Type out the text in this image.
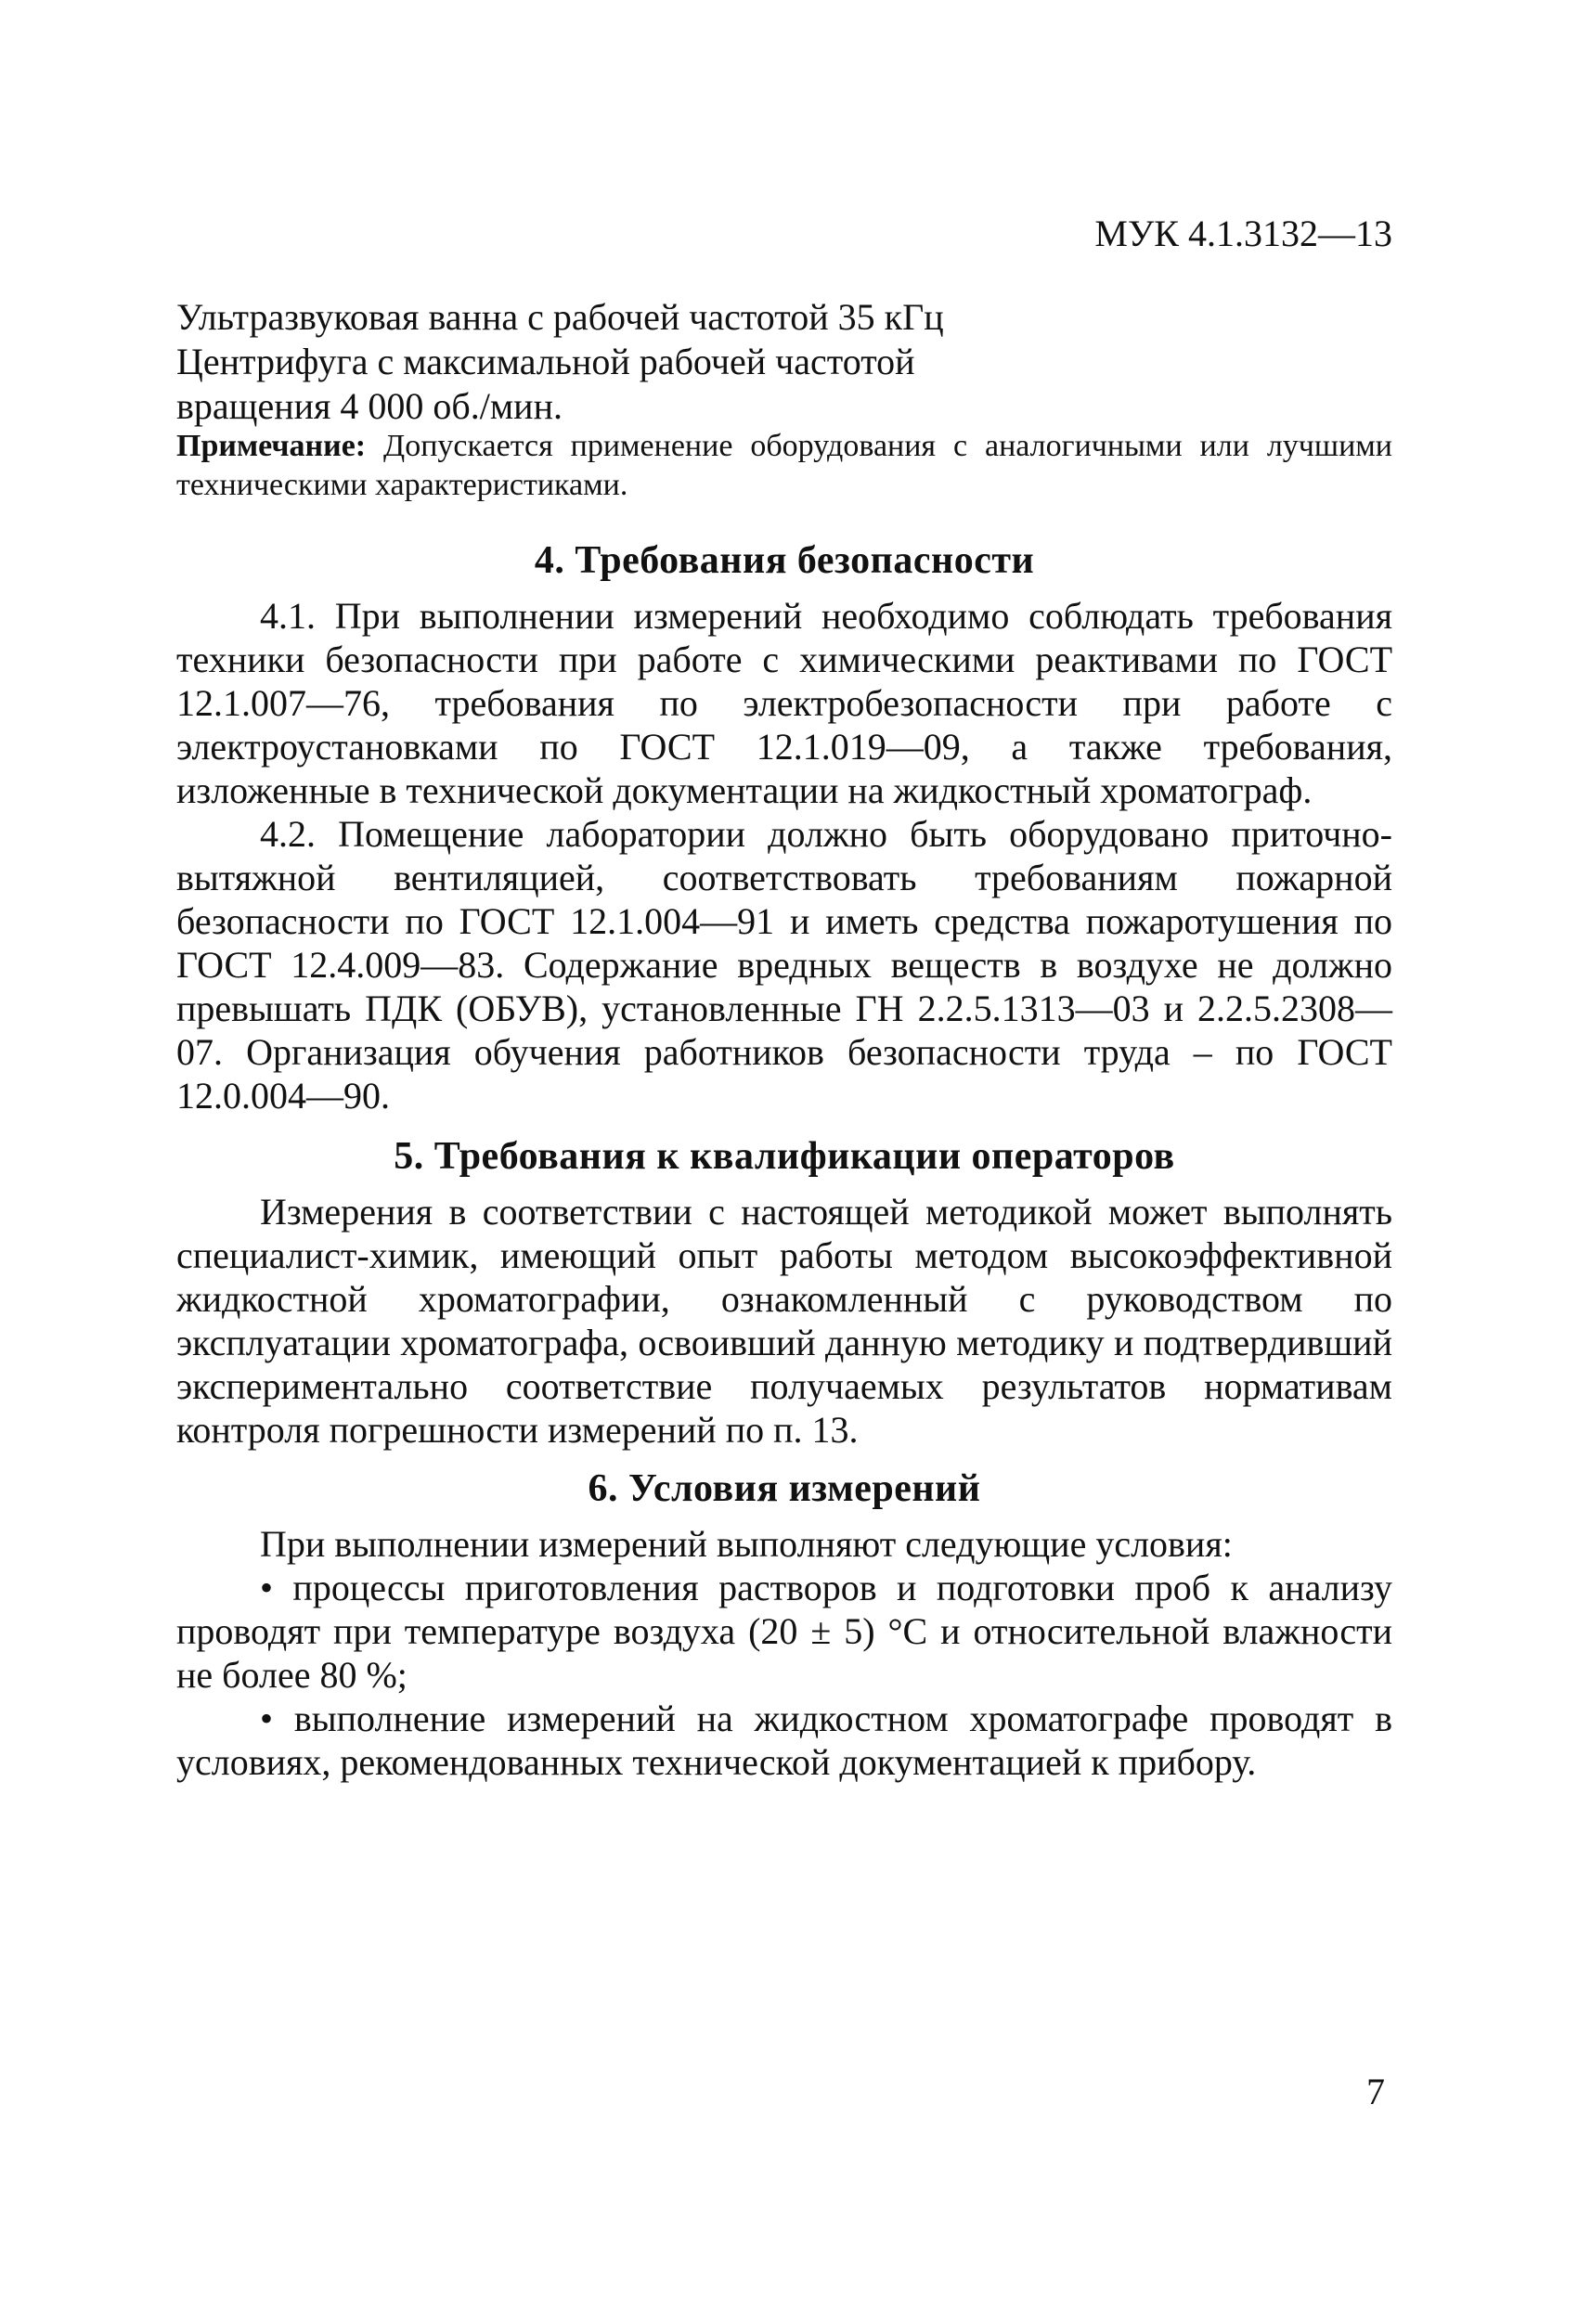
МУК 4.1.3132—13
Ультразвуковая ванна с рабочей частотой 35 кГц
Центрифуга с максимальной рабочей частотой
вращения 4 000 об./мин.
Примечание: Допускается применение оборудования с аналогичными или лучшими техническими характеристиками.
4. Требования безопасности

4.1. При выполнении измерений необходимо соблюдать требования техники безопасности при работе с химическими реактивами по ГОСТ 12.1.007—76, требования по электробезопасности при работе с электроустановками по ГОСТ 12.1.019—09, а также требования, изложенные в технической документации на жидкостный хроматограф.

4.2. Помещение лаборатории должно быть оборудовано приточно-вытяжной вентиляцией, соответствовать требованиям пожарной безопасности по ГОСТ 12.1.004—91 и иметь средства пожаротушения по ГОСТ 12.4.009—83. Содержание вредных веществ в воздухе не должно превышать ПДК (ОБУВ), установленные ГН 2.2.5.1313—03 и 2.2.5.2308—07. Организация обучения работников безопасности труда – по ГОСТ 12.0.004—90.

5. Требования к квалификации операторов

Измерения в соответствии с настоящей методикой может выполнять специалист-химик, имеющий опыт работы методом высокоэффективной жидкостной хроматографии, ознакомленный с руководством по эксплуатации хроматографа, освоивший данную методику и подтвердивший экспериментально соответствие получаемых результатов нормативам контроля погрешности измерений по п. 13.

6. Условия измерений

При выполнении измерений выполняют следующие условия:

• процессы приготовления растворов и подготовки проб к анализу проводят при температуре воздуха (20 ± 5) °С и относительной влажности не более 80 %;

• выполнение измерений на жидкостном хроматографе проводят в условиях, рекомендованных технической документацией к прибору.

7
